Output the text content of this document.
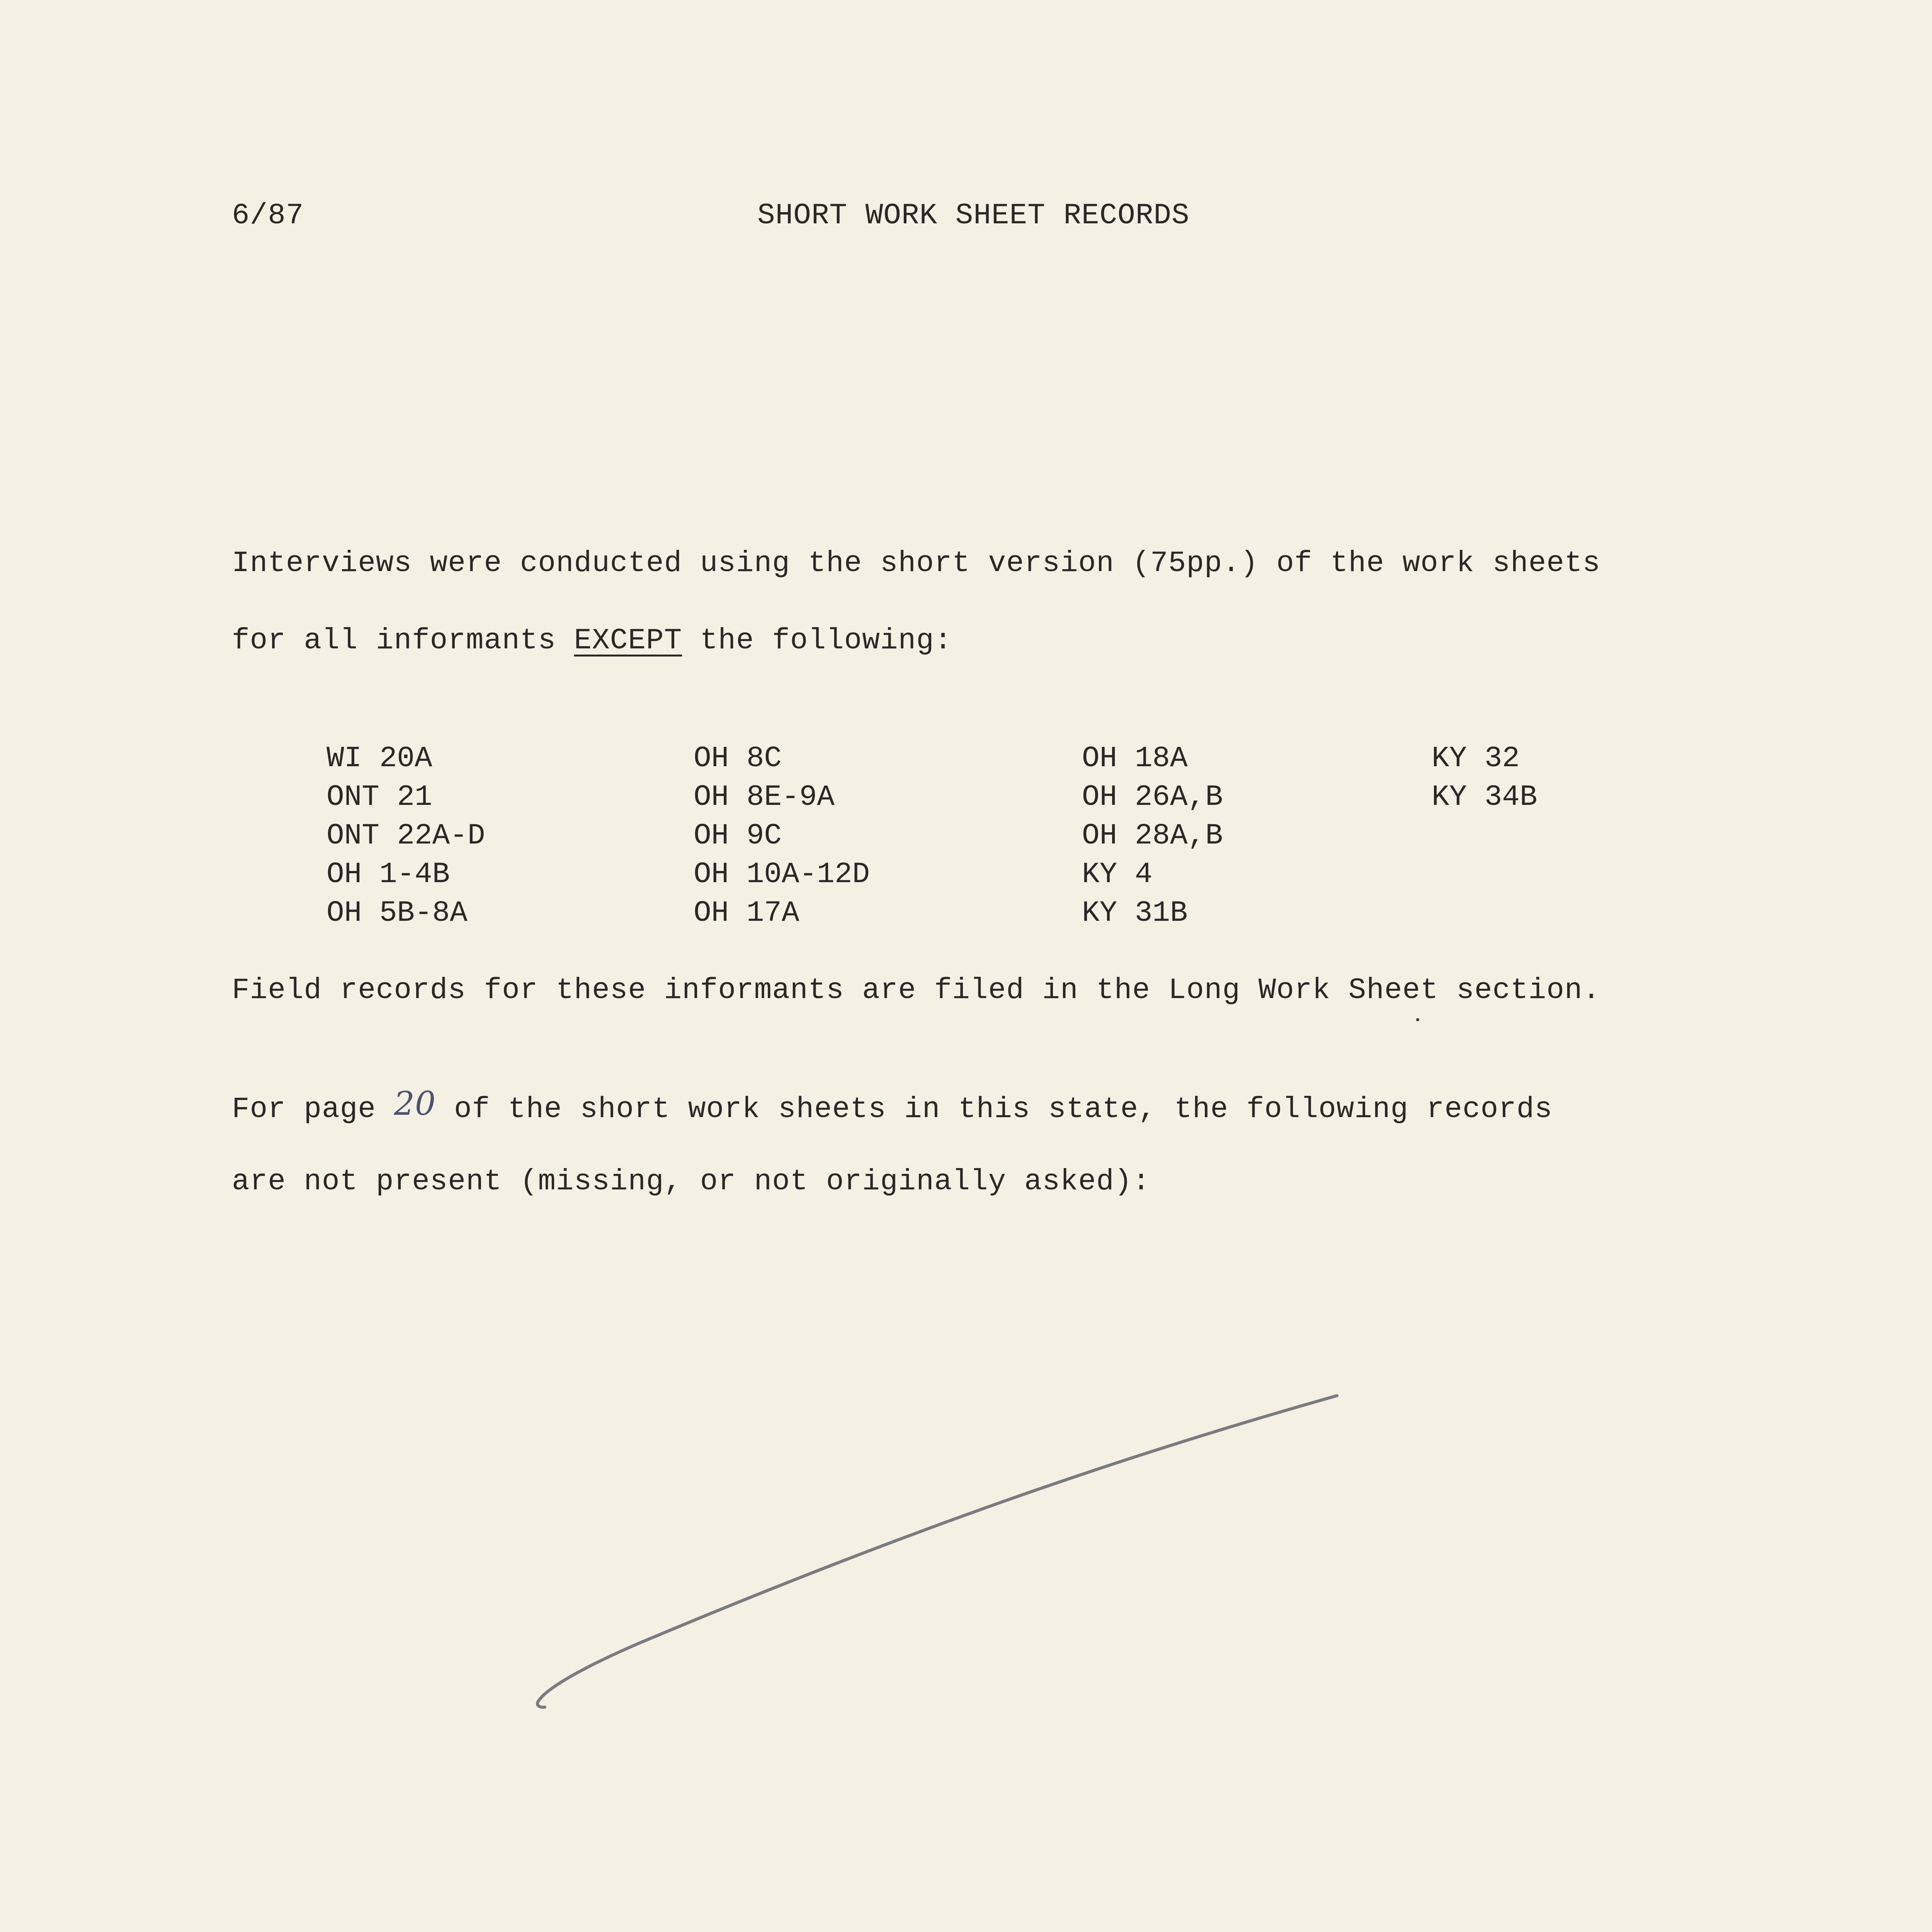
6/87	SHORT WORK SHEET RECORDS
Interviews were conducted using the short version (75pp.) of the work sheets
for all informants EXCEPT the following:
WI 20A
ONT 21
ONT 22A-D
OH 1-4B
OH 5B-8A
OH 8C
OH 8E-9A
OH 9C
OH 10A-12D
OH 17A
OH 18A
OH 26A,B
OH 28A,B
KY 4
KY 31B
KY 32
KY 34B
Field records for these informants are filed in the Long Work Sheet section.
For page 20 of the short work sheets in this state, the following records
are not present (missing, or not originally asked):
